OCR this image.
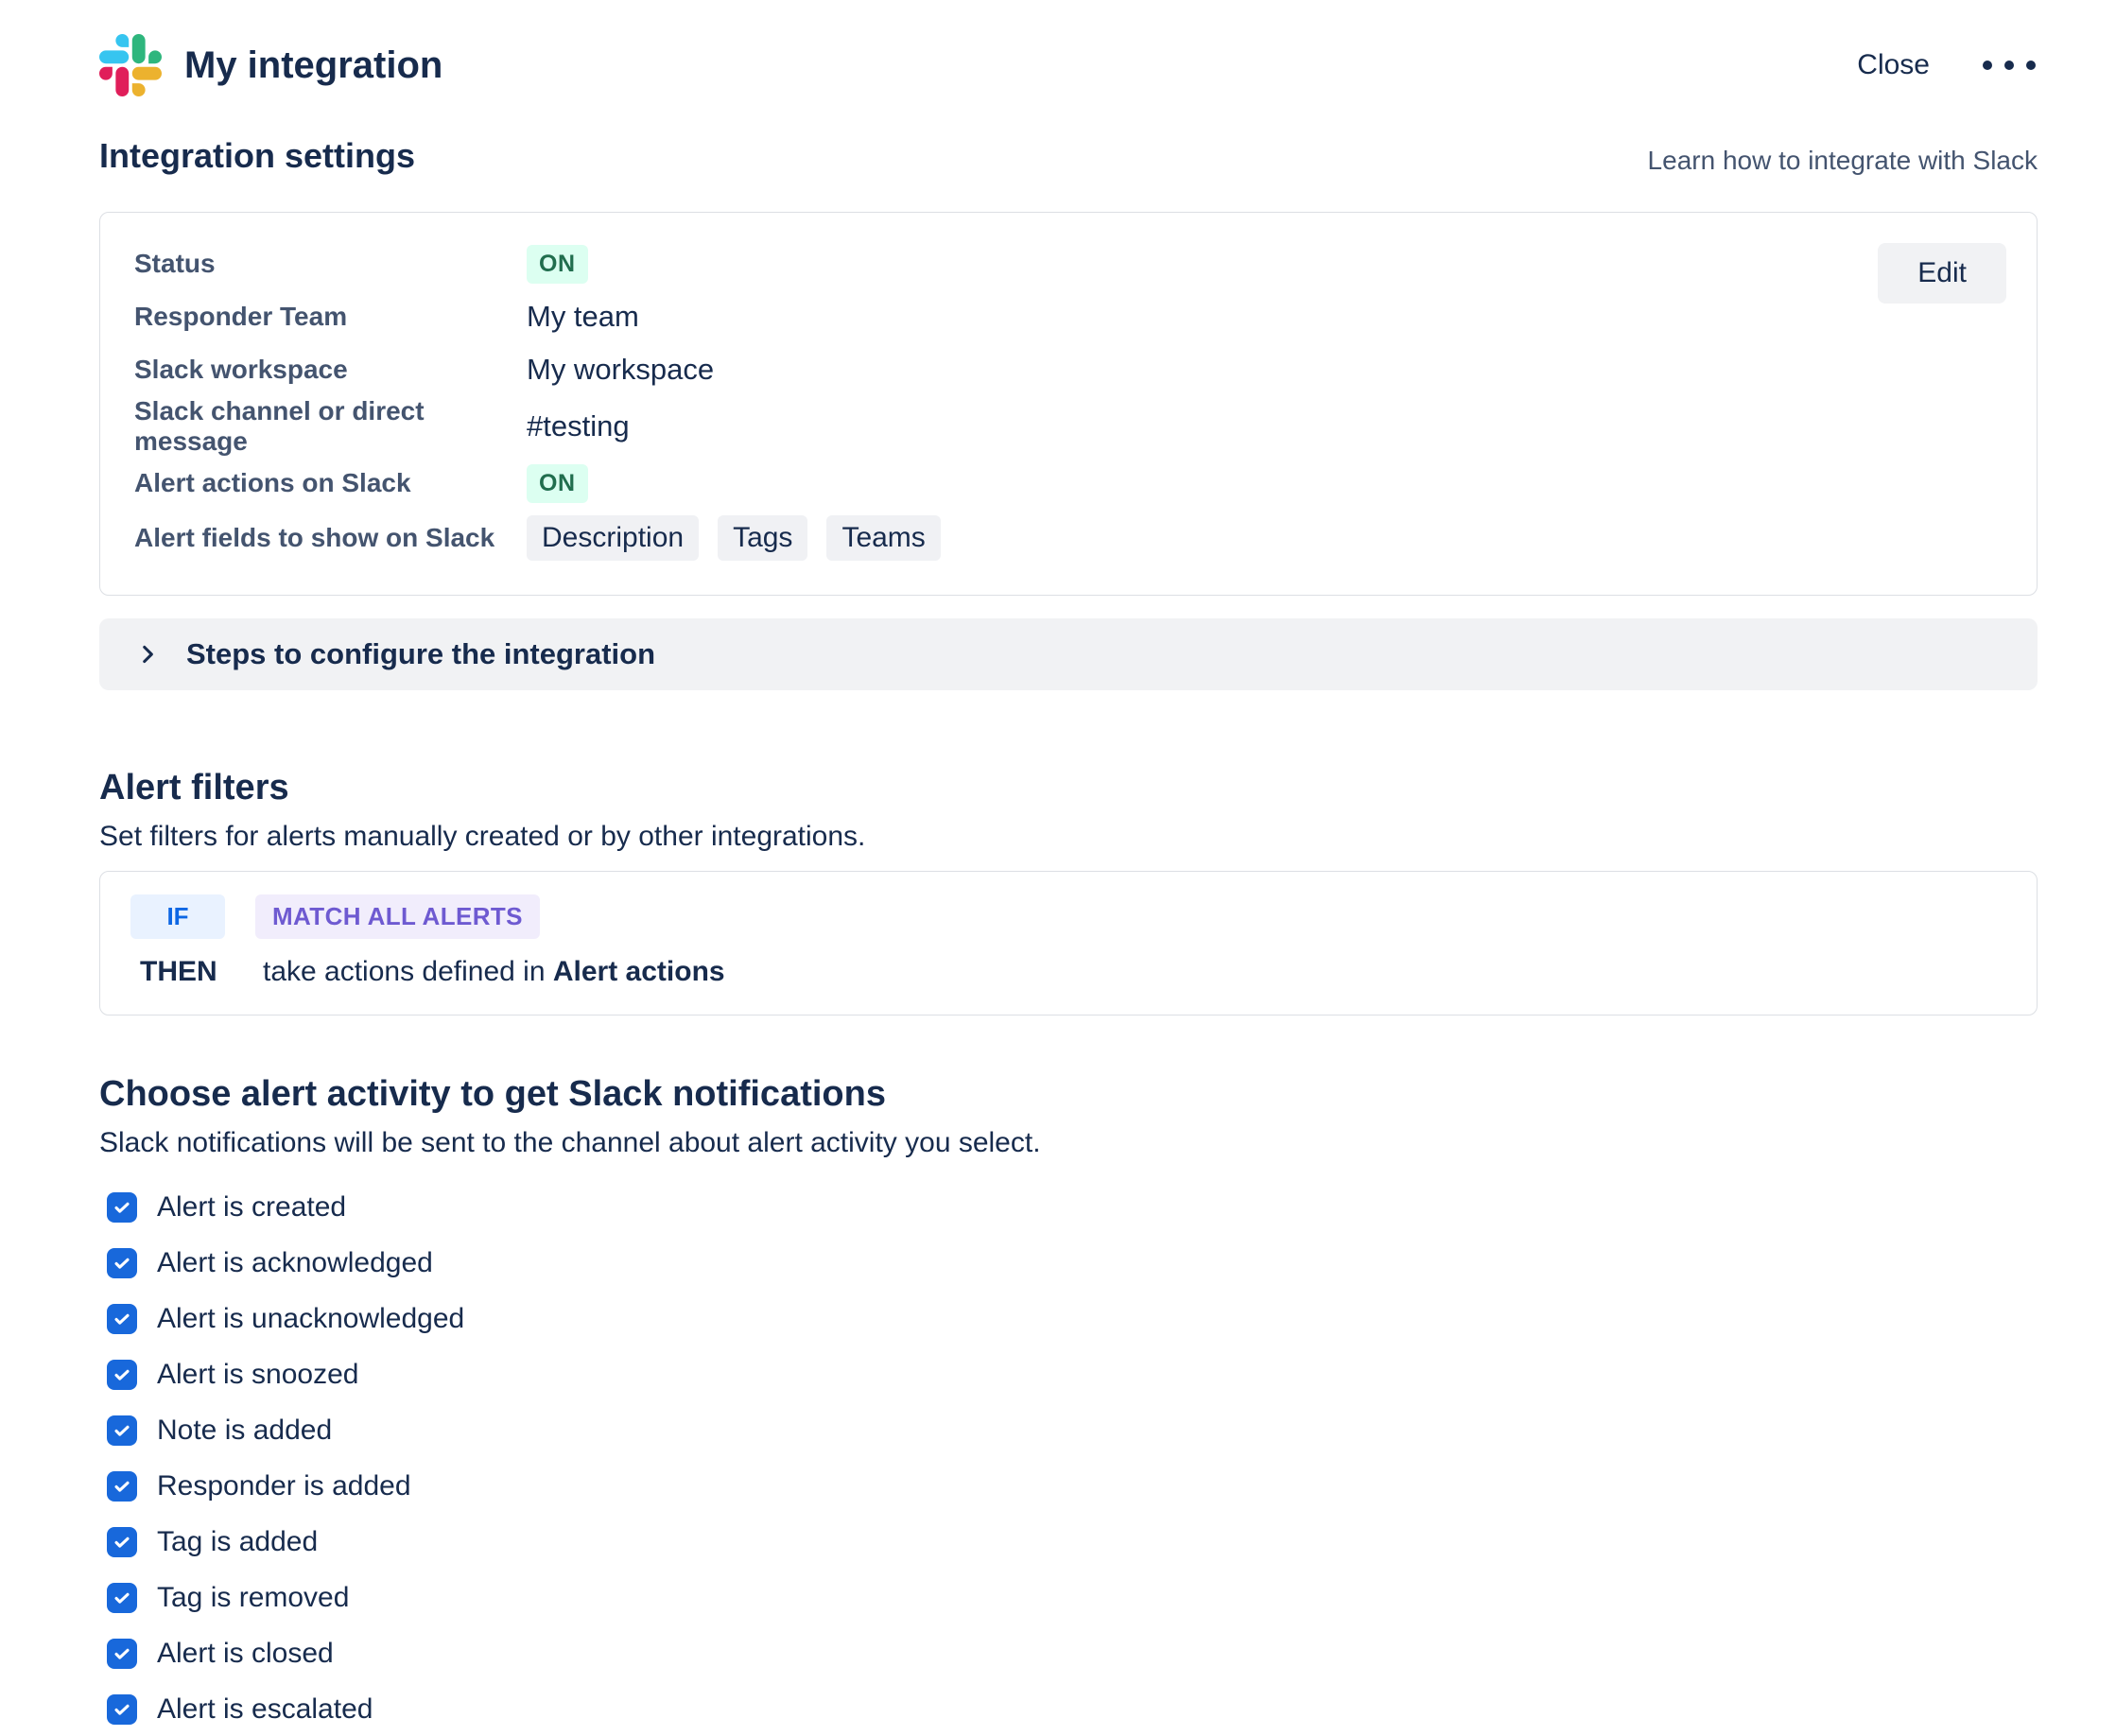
My integration	Close
Integration settings	Learn how to integrate with Slack
Status	ON
Responder Team	My team
Slack workspace	My workspace
Slack channel or direct message	#testing
Alert actions on Slack	ON
Alert fields to show on Slack	Description	Tags	Teams
Edit
Steps to configure the integration
Alert filters
Set filters for alerts manually created or by other integrations.
IF	MATCH ALL ALERTS
THEN	take actions defined in Alert actions
Choose alert activity to get Slack notifications
Slack notifications will be sent to the channel about alert activity you select.
Alert is created
Alert is acknowledged
Alert is unacknowledged
Alert is snoozed
Note is added
Responder is added
Tag is added
Tag is removed
Alert is closed
Alert is escalated
